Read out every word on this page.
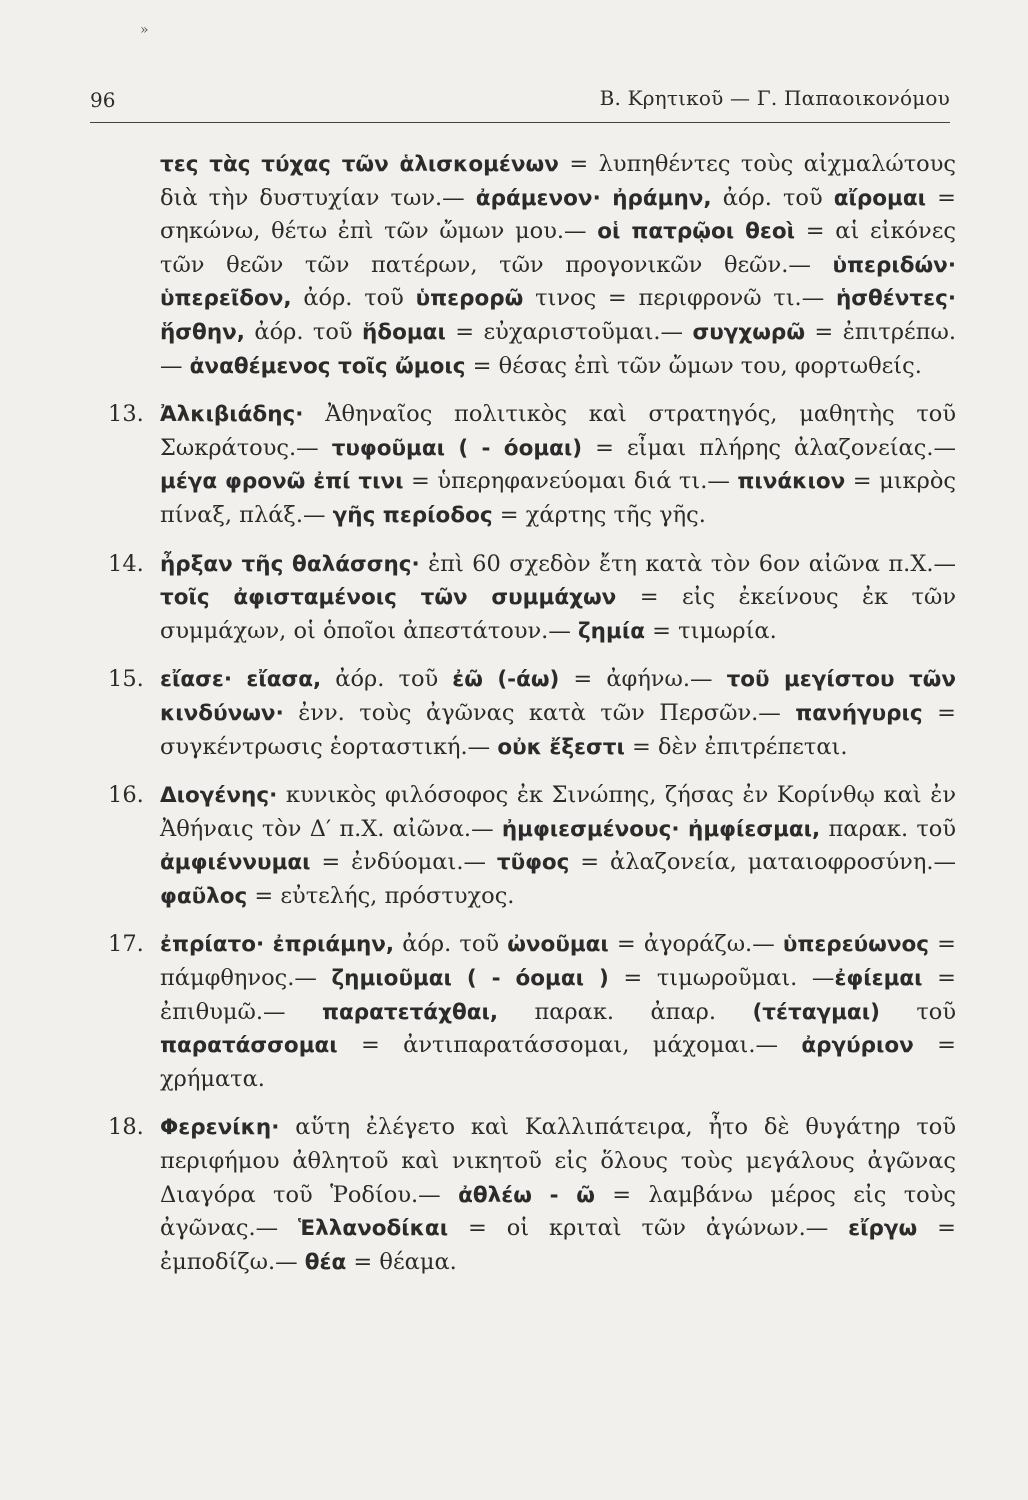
»
96	Β. Κρητικοῦ — Γ. Παπαοικονόμου

τες τὰς τύχας τῶν ἁλισκομένων = λυπηθέντες τοὺς αἰχμαλώτους διὰ τὴν δυστυχίαν των.— ἀράμενον· ἠράμην, ἀόρ. τοῦ αἴρομαι = σηκώνω, θέτω ἐπὶ τῶν ὤμων μου.— οἱ πατρῷοι θεοὶ = αἱ εἰκόνες τῶν θεῶν τῶν πατέρων, τῶν προγονικῶν θεῶν.— ὑπεριδών· ὑπερεῖδον, ἀόρ. τοῦ ὑπερορῶ τινος = περιφρονῶ τι.— ἡσθέντες· ἥσθην, ἀόρ. τοῦ ἥδομαι = εὐχαριστοῦμαι.— συγχωρῶ = ἐπιτρέπω.— ἀναθέμενος τοῖς ὤμοις = θέσας ἐπὶ τῶν ὤμων του, φορτωθείς.

13. Ἀλκιβιάδης· Ἀθηναῖος πολιτικὸς καὶ στρατηγός, μαθητὴς τοῦ Σωκράτους.— τυφοῦμαι ( - όομαι) = εἶμαι πλήρης ἀλαζονείας.— μέγα φρονῶ ἐπί τινι = ὑπερηφανεύομαι διά τι.— πινάκιον = μικρὸς πίναξ, πλάξ.— γῆς περίοδος = χάρτης τῆς γῆς.
14. ἦρξαν τῆς θαλάσσης· ἐπὶ 60 σχεδὸν ἔτη κατὰ τὸν 6ον αἰῶνα π.Χ.— τοῖς ἀφισταμένοις τῶν συμμάχων = εἰς ἐκείνους ἐκ τῶν συμμάχων, οἱ ὁποῖοι ἀπεστάτουν.— ζημία = τιμωρία.
15. εἴασε· εἴασα, ἀόρ. τοῦ ἐῶ (-άω) = ἀφήνω.— τοῦ μεγίστου τῶν κινδύνων· ἐνν. τοὺς ἀγῶνας κατὰ τῶν Περσῶν.— πανήγυρις = συγκέντρωσις ἑορταστική.— οὐκ ἔξεστι = δὲν ἐπιτρέπεται.
16. Διογένης· κυνικὸς φιλόσοφος ἐκ Σινώπης, ζήσας ἐν Κορίνθῳ καὶ ἐν Ἀθήναις τὸν Δ′ π.Χ. αἰῶνα.— ἠμφιεσμένους· ἠμφίεσμαι, παρακ. τοῦ ἀμφιέννυμαι = ἐνδύομαι.— τῦφος = ἀλαζονεία, ματαιοφροσύνη.— φαῦλος = εὐτελής, πρόστυχος.
17. ἐπρίατο· ἐπριάμην, ἀόρ. τοῦ ὠνοῦμαι = ἀγοράζω.— ὑπερεύωνος = πάμφθηνος.— ζημιοῦμαι ( - όομαι ) = τιμωροῦμαι. —ἐφίεμαι = ἐπιθυμῶ.— παρατετάχθαι, παρακ. ἀπαρ. (τέταγμαι) τοῦ παρατάσσομαι = ἀντιπαρατάσσομαι, μάχομαι.— ἀργύριον = χρήματα.
18. Φερενίκη· αὕτη ἐλέγετο καὶ Καλλιπάτειρα, ἦτο δὲ θυγάτηρ τοῦ περιφήμου ἀθλητοῦ καὶ νικητοῦ εἰς ὅλους τοὺς μεγάλους ἀγῶνας Διαγόρα τοῦ Ῥοδίου.— ἀθλέω - ῶ = λαμβάνω μέρος εἰς τοὺς ἀγῶνας.— Ἑλλανοδίκαι = οἱ κριταὶ τῶν ἀγώνων.— εἴργω = ἐμποδίζω.— θέα = θέαμα.
